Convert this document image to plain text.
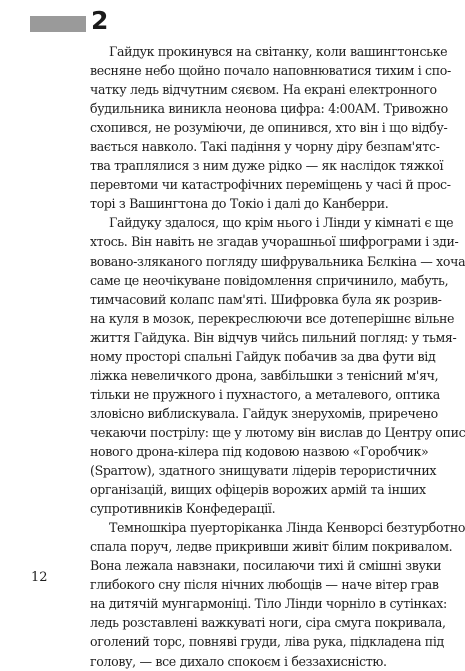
2
Гайдук прокинувся на світанку, коли вашингтонське
весняне небо щойно почало наповнюватися тихим і спо-
чатку ледь відчутним сяєвом. На екрані електронного
будильника виникла неонова цифра: 4:00AM. Тривожно
схопився, не розуміючи, де опинився, хто він і що відбу-
вається навколо. Такі падіння у чорну діру безпам'ятс-
тва траплялися з ним дуже рідко — як наслідок тяжкої
перевтоми чи катастрофічних переміщень у часі й прос-
торі з Вашингтона до Токіо і далі до Канберри.
Гайдуку здалося, що крім нього і Лінди у кімнаті є ще
хтось. Він навіть не згадав учорашньої шифрограми і зди-
вовано-зляканого погляду шифрувальника Бєлкіна — хоча
саме це неочікуване повідомлення спричинило, мабуть,
тимчасовий колапс пам'яті. Шифровка була як розрив-
на куля в мозок, перекреслюючи все дотеперішнє вільне
життя Гайдука. Він відчув чийсь пильний погляд: у тьмя-
ному просторі спальні Гайдук побачив за два фути від
ліжка невеличкого дрона, завбільшки з тенісний м'яч,
тільки не пружного і пухнастого, а металевого, оптика
зловісно виблискувала. Гайдук знерухомів, приречено
чекаючи пострілу: ще у лютому він вислав до Центру опис
нового дрона-кілера під кодовою назвою «Горобчик»
(Sparrow), здатного знищувати лідерів терористичних
організацій, вищих офіцерів ворожих армій та інших
супротивників Конфедерації.
Темношкіра пуерторіканка Лінда Кенворсі безтурботно
спала поруч, ледве прикривши живіт білим покривалом.
Вона лежала навзнаки, посилаючи тихі й смішні звуки
глибокого сну після нічних любощів — наче вітер грав
на дитячій мунгармоніці. Тіло Лінди чорніло в сутінках:
ледь розставлені важкуваті ноги, сіра смуга покривала,
оголений торс, повняві груди, ліва рука, підкладена під
голову, — все дихало спокоєм і беззахисністю.
12
